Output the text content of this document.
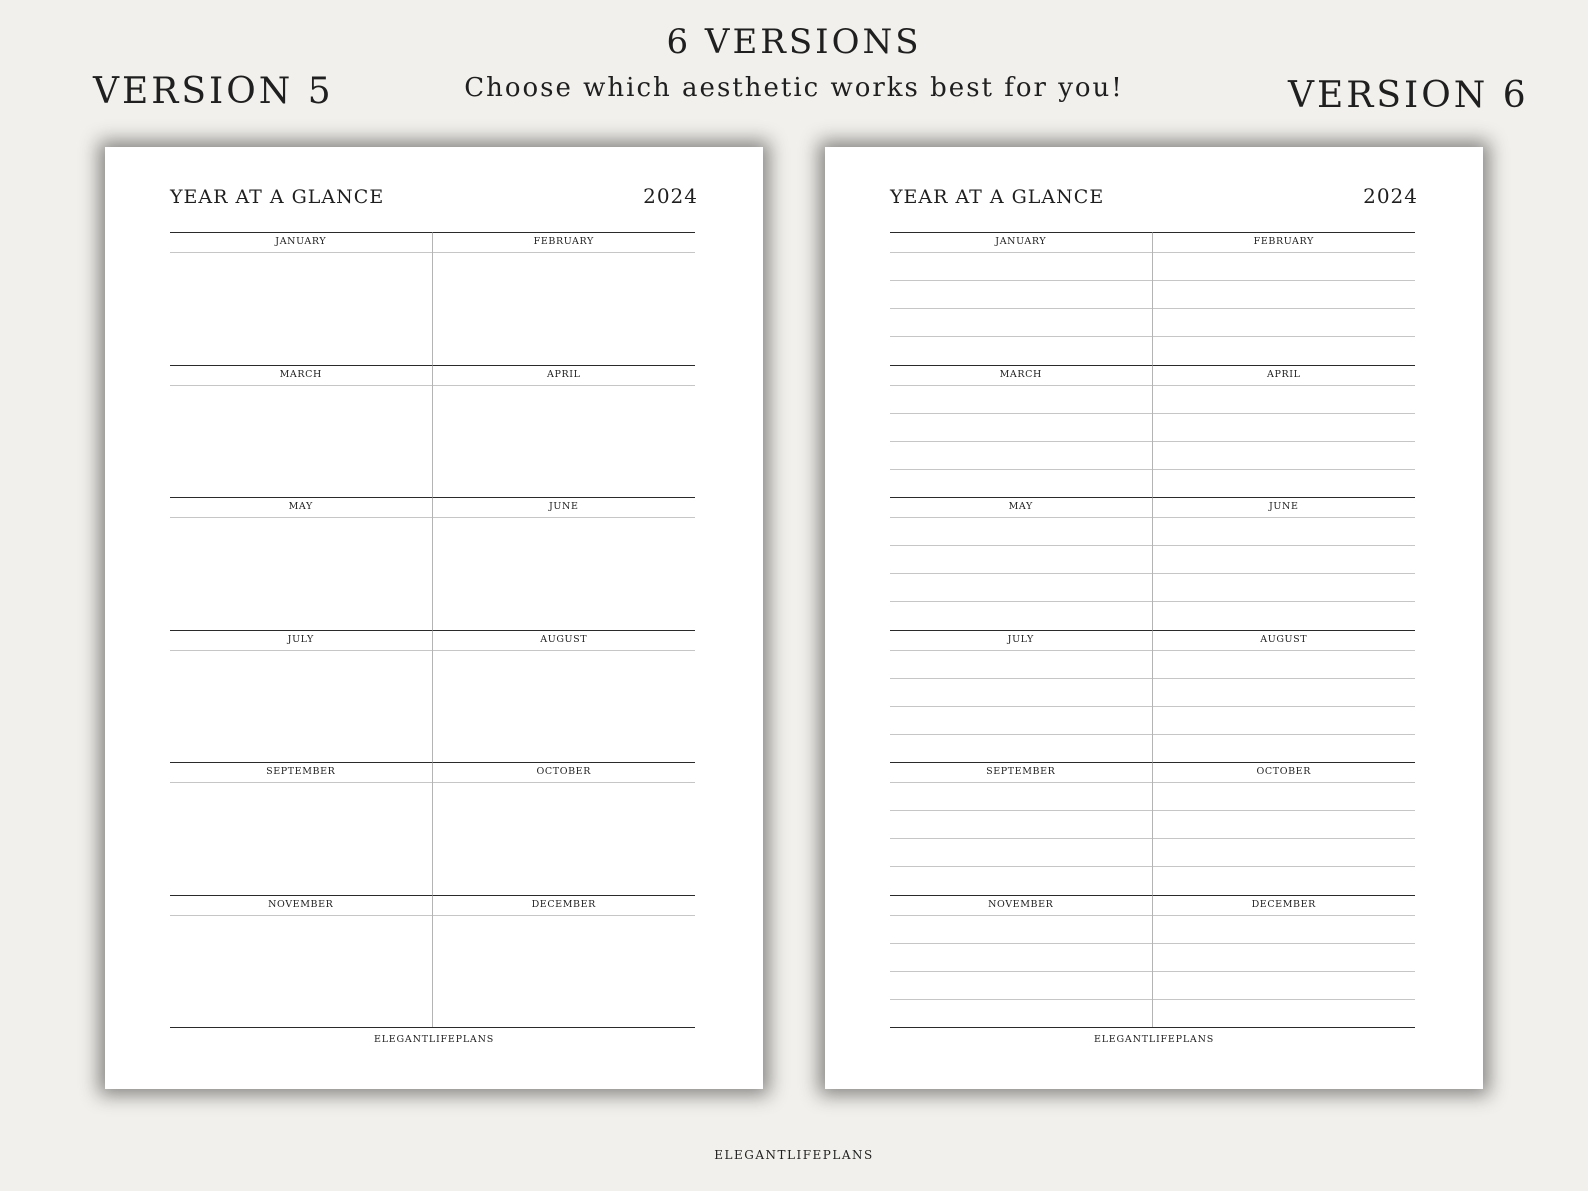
6 VERSIONS
Choose which aesthetic works best for you!
VERSION 5	VERSION 6
YEAR AT A GLANCE	2024
JANUARY	FEBRUARY
MARCH	APRIL
MAY	JUNE
JULY	AUGUST
SEPTEMBER	OCTOBER
NOVEMBER	DECEMBER
ELEGANTLIFEPLANS
YEAR AT A GLANCE	2024
JANUARY	FEBRUARY
MARCH	APRIL
MAY	JUNE
JULY	AUGUST
SEPTEMBER	OCTOBER
NOVEMBER	DECEMBER
ELEGANTLIFEPLANS
ELEGANTLIFEPLANS
